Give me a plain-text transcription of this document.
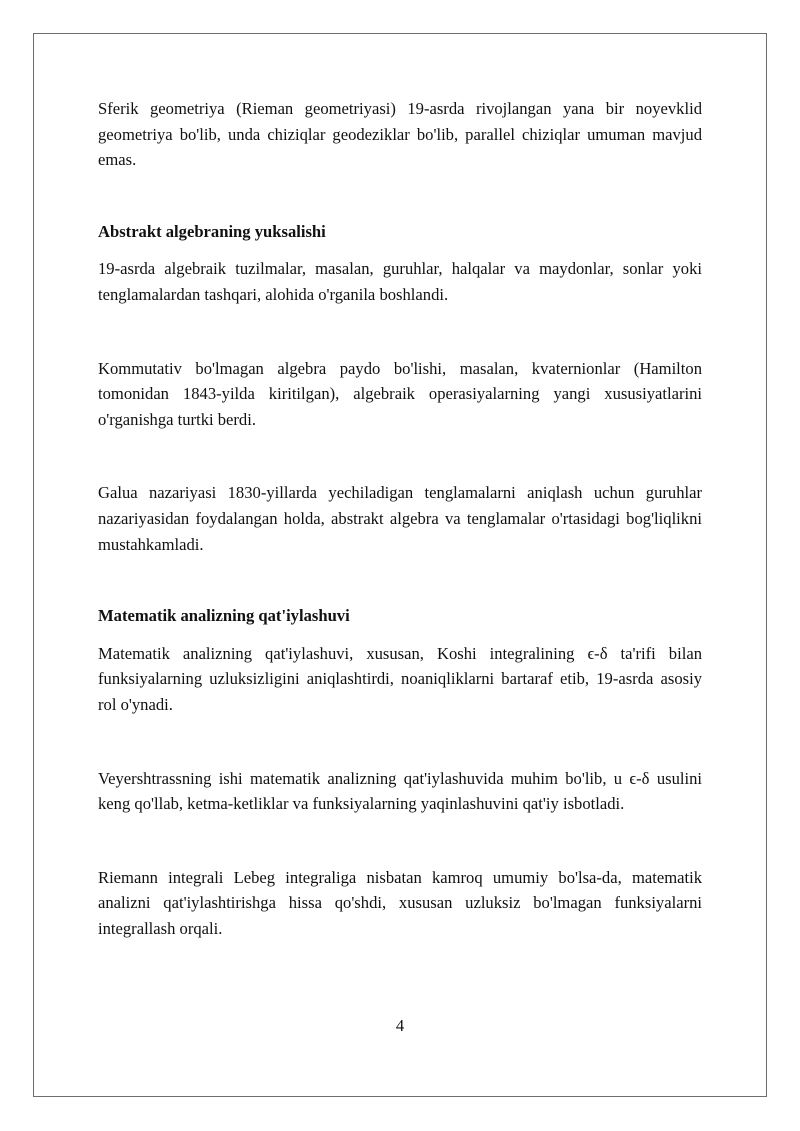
Sferik geometriya (Rieman geometriyasi) 19-asrda rivojlangan yana bir noyevklid geometriya bo'lib, unda chiziqlar geodeziklar bo'lib, parallel chiziqlar umuman mavjud emas.

Abstrakt algebraning yuksalishi

19-asrda algebraik tuzilmalar, masalan, guruhlar, halqalar va maydonlar, sonlar yoki tenglamalardan tashqari, alohida o'rganila boshlandi.

Kommutativ bo'lmagan algebra paydo bo'lishi, masalan, kvaternionlar (Hamilton tomonidan 1843-yilda kiritilgan), algebraik operasiyalarning yangi xususiyatlarini o'rganishga turtki berdi.

Galua nazariyasi 1830-yillarda yechiladigan tenglamalarni aniqlash uchun guruhlar nazariyasidan foydalangan holda, abstrakt algebra va tenglamalar o'rtasidagi bog'liqlikni mustahkamladi.

Matematik analizning qat'iylashuvi

Matematik analizning qat'iylashuvi, xususan, Koshi integralining ϵ-δ ta'rifi bilan funksiyalarning uzluksizligini aniqlashtirdi, noaniqliklarni bartaraf etib, 19-asrda asosiy rol o'ynadi.

Veyershtrassning ishi matematik analizning qat'iylashuvida muhim bo'lib, u ϵ-δ usulini keng qo'llab, ketma-ketliklar va funksiyalarning yaqinlashuvini qat'iy isbotladi.

Riemann integrali Lebeg integraliga nisbatan kamroq umumiy bo'lsa-da, matematik analizni qat'iylashtirishga hissa qo'shdi, xususan uzluksiz bo'lmagan funksiyalarni integrallash orqali.

4
